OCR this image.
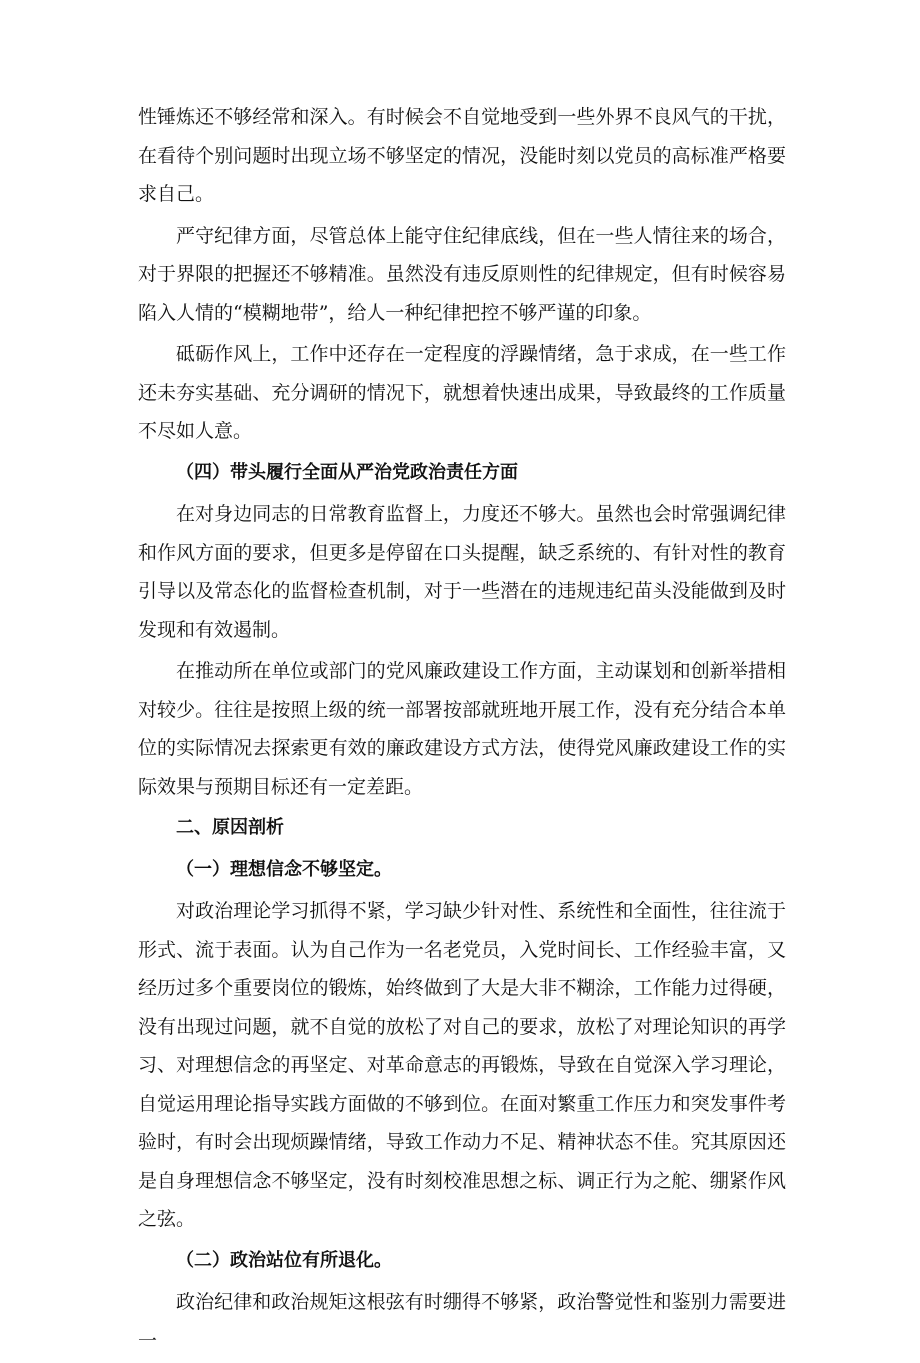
性锤炼还不够经常和深入。有时候会不自觉地受到一些外界不良风气的干扰，在看待个别问题时出现立场不够坚定的情况，没能时刻以党员的高标准严格要求自己。

严守纪律方面，尽管总体上能守住纪律底线，但在一些人情往来的场合，对于界限的把握还不够精准。虽然没有违反原则性的纪律规定，但有时候容易陷入人情的“模糊地带”，给人一种纪律把控不够严谨的印象。

砥砺作风上，工作中还存在一定程度的浮躁情绪，急于求成，在一些工作还未夯实基础、充分调研的情况下，就想着快速出成果，导致最终的工作质量不尽如人意。

（四）带头履行全面从严治党政治责任方面

在对身边同志的日常教育监督上，力度还不够大。虽然也会时常强调纪律和作风方面的要求，但更多是停留在口头提醒，缺乏系统的、有针对性的教育引导以及常态化的监督检查机制，对于一些潜在的违规违纪苗头没能做到及时发现和有效遏制。

在推动所在单位或部门的党风廉政建设工作方面，主动谋划和创新举措相对较少。往往是按照上级的统一部署按部就班地开展工作，没有充分结合本单位的实际情况去探索更有效的廉政建设方式方法，使得党风廉政建设工作的实际效果与预期目标还有一定差距。

二、原因剖析

（一）理想信念不够坚定。

对政治理论学习抓得不紧，学习缺少针对性、系统性和全面性，往往流于形式、流于表面。认为自己作为一名老党员，入党时间长、工作经验丰富，又经历过多个重要岗位的锻炼，始终做到了大是大非不糊涂，工作能力过得硬，没有出现过问题，就不自觉的放松了对自己的要求，放松了对理论知识的再学习、对理想信念的再坚定、对革命意志的再锻炼，导致在自觉深入学习理论，自觉运用理论指导实践方面做的不够到位。在面对繁重工作压力和突发事件考验时，有时会出现烦躁情绪，导致工作动力不足、精神状态不佳。究其原因还是自身理想信念不够坚定，没有时刻校准思想之标、调正行为之舵、绷紧作风之弦。

（二）政治站位有所退化。

政治纪律和政治规矩这根弦有时绷得不够紧，政治警觉性和鉴别力需要进一
